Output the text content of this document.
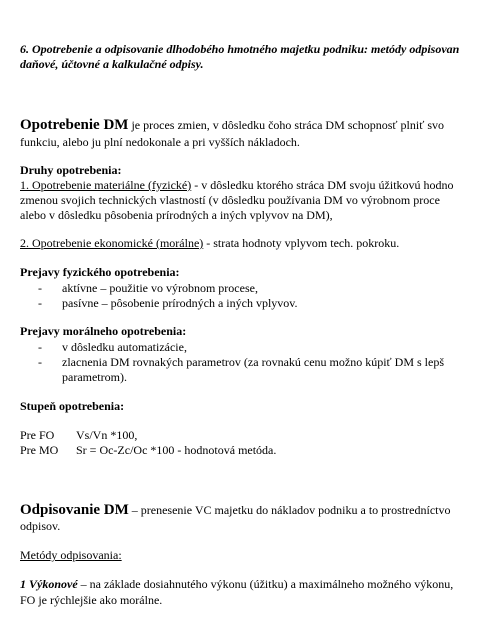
6. Opotrebenie a odpisovanie dlhodobého hmotného majetku podniku: metódy odpisovan
daňové, účtovné a kalkulačné odpisy.
Opotrebenie DM je proces zmien, v dôsledku čoho stráca DM schopnosť plniť svo
funkciu, alebo ju plní nedokonale a pri vyšších nákladoch.
Druhy opotrebenia:
1. Opotrebenie materiálne (fyzické) - v dôsledku ktorého stráca DM svoju úžitkovú hodno
zmenou svojich technických vlastností (v dôsledku používania DM vo výrobnom proce
alebo v dôsledku pôsobenia prírodných a iných vplyvov na DM),
2. Opotrebenie ekonomické (morálne) - strata hodnoty vplyvom tech. pokroku.
Prejavy fyzického opotrebenia:
- aktívne – použitie vo výrobnom procese,
- pasívne – pôsobenie prírodných a iných vplyvov.
Prejavy morálneho opotrebenia:
- v dôsledku automatizácie,
- zlacnenia DM rovnakých parametrov (za rovnakú cenu možno kúpiť DM s lepš
parametrom).
Stupeň opotrebenia:
Pre FO Vs/Vn *100,
Pre MO Sr = Oc-Zc/Oc *100 - hodnotová metóda.
Odpisovanie DM – prenesenie VC majetku do nákladov podniku a to prostredníctvo
odpisov.
Metódy odpisovania:
1 Výkonové – na základe dosiahnutého výkonu (úžitku) a maximálneho možného výkonu,
FO je rýchlejšie ako morálne.
